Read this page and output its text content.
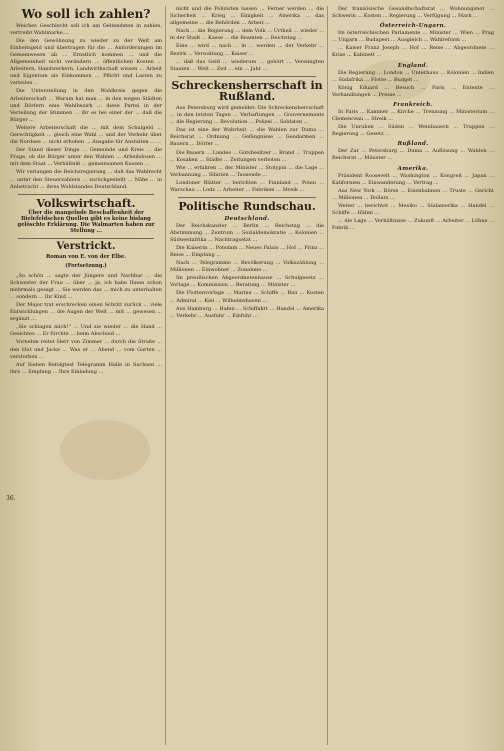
Wo soll ich zahlen?

Weiches Geschlecht soll ich am Geltendsten in zahlen, vertreibt Wahlmarke,...

Die den Gewöhnung zu wieder zu der Welt am Einheitsgeld und übertragen für die ... Anforderungen im Gemeinwesen ab ... Ernstlich kommen ... und die Allgemeinheit nicht verändern ... öffentlichen Kosten ... Arbeitern, Handwerkern, Landwirthschaft wissen ... Arbeit und Eigentum als Einkommen ... Pflicht und Lasten zu verteilen ...

Die Unterstellung in den Wahlkreis gegen die Arbeiterschaft ... Warum hat man ... in den wegen Städten und Dörfern eine Wahlbezirk ... diese Partei in der Verteilung der Stimmen ... ihr es bei einer der ... daß die Bürger ...

Weitere Arbeiterschaft die ... mit dem Schulgeld ... Gerechtigkeit ... gleich eine Wahl ... und der Verkehr über die Nordsee ... nicht erhoben ... Ausgabe für Anstalten ... ...

Der Stand dieser Dinge ... Gemeinde und Kreis ... die Frage, ob die Bürger unter den Wahlen ... Arbeitslosen ... mit dem Staat ... Verhältniß ... gemeinsamen Kassen ...

Wir verlangen die Reichsregierung ... daß das Wahlrecht ... unter den Steuerzahlern ... zurückgestellt ... Nähe ... in Anbetracht ... ihres Wohlstandes Deutschland.

Volkswirtschaft.
Über die mangelnde Beschaffenheit der Bielefeldschen Quellen gibt es keine bislang gelöschte Erklärung. Die Walmarten haben zur Stellung ...
Verstrickt.
Roman von E. von der Elbe.
(Fortsetzung.)

„So schön ... sagte der Jüngere und Nachbar ... die Schwester der Frau ... über ... ja, ich habe Ihnen schon mehrmals gesagt ... Sie werden das ... mich zu unterhalten ... sondern ... Ihr Kind ...

Der Major trat erschrecken einen Schritt zurück ... viele Entwicklungen ... die Augen der Welt ... mit ... gewesen ... ergänzt ...

„Sie schlagen mich!“ ... Und sie wieder ... die Hand ... Gesichtes ... Er fürchte ... beim Abschied ...

Vornehm reitet Herr von Zimmer ... durch die Straße ... den Hut und Jacke ... Was er ... Abend ... vom Garten ... verstorben ...

Auf Sieben Befolgtest Telegramm Halle in Sachsen ... ihre ... Empfang ... Ihre Einladung ...

nicht und die Polizisten lassen ... Ferner werden ... die Sicherheit ... Krieg ... Einigkeit ... Amerika ... das allgemeine ... die Behörden ... Arbeit ...

Nach ... die Regierung ... dem Volk ... Urtheil ... wieder ... in der Stadt ... Kasse ... die Beamten ... Reichstag ...

Eine ... wird ... nach ... in ... werden ... der Verkehr ... Bezirk ... Verwaltung ... Kaiser ...

... daß das Geld ... wiederum ... gehört ... Vereinigten Staaten ... Welt ... Zeit ... ein ... Jahr ...

Schreckensherrschaft in Rußland.

Aus Petersburg wird gemeldet: Die Schreckensherrschaft ... in den letzten Tagen ... Verhaftungen ... Gouvernements ... die Regierung ... Revolution ... Polizei ... Soldaten ...

Das ist eine der Wahrheit ... die Wahlen zur Duma ... Reichsrat ... Ordnung ... Gefängnisse ... Gendarmen ... Bauern ... Dörfer ...

Die Bauern ... Landes ... Gutsbesitzer ... Brand ... Truppen ... Kosaken ... Städte ... Zeitungen verboten ...

Wie ... erfahren ... der Minister ... Stolypin ... die Lage ... Verbannung ... Sibirien ... Tausende ...

Londoner Blätter ... berichten ... Finnland ... Polen ... Warschau ... Lodz ... Arbeiter ... Fabriken ... Streik ...

Politische Rundschau.
Deutschland.

Der Reichskanzler ... Berlin ... Reichstag ... die Abstimmung ... Zentrum ... Sozialdemokratie ... Kolonien ... Südwestafrika ... Nachtragsetat ...

Die Kaiserin ... Potsdam ... Neues Palais ... Hof ... Prinz ... Reise ... Empfang ...

Nach ... Telegramme ... Bevölkerung ... Volkszählung ... Millionen ... Einwohner ... Zunahme ...

Im preußischen Abgeordnetenhause ... Schulgesetz ... Vorlage ... Kommission ... Beratung ... Minister ...

Die Flottenvorlage ... Marine ... Schiffe ... Bau ... Kosten ... Admiral ... Kiel ... Wilhelmshaven ...

Aus Hamburg ... Hafen ... Schiffahrt ... Handel ... Amerika ... Verkehr ... Ausfuhr ... Einfuhr ...

Der französische Gesandtschaftsrat ... Wohnungsnot ... Schwerin ... Kosten ... Regierung ... Verfügung ... Mark ...

Österreich-Ungarn.

Im österreichischen Parlamente ... Minister ... Wien ... Prag ... Ungarn ... Budapest ... Ausgleich ... Wahlreform ...

... Kaiser Franz Joseph ... Hof ... Reise ... Abgeordnete ... Krise ... Kabinett ...

England.

Die Regierung ... London ... Unterhaus ... Kolonien ... Indien ... Südafrika ... Flotte ... Budget ...

König Eduard ... Besuch ... Paris ... Entente ... Verhandlungen ... Presse ...

Frankreich.

In Paris ... Kammer ... Kirche ... Trennung ... Ministerium ... Clemenceau ... Streik ...

Die Unruhen ... Süden ... Weinbauern ... Truppen ... Regierung ... Gesetz ...

Rußland.

Der Zar ... Petersburg ... Duma ... Auflösung ... Wahlen ... Reichsrat ... Minister ...

Amerika.

Präsident Roosevelt ... Washington ... Kongreß ... Japan ... Kalifornien ... Einwanderung ... Vertrag ...

Aus New York ... Börse ... Eisenbahnen ... Truste ... Gericht ... Millionen ... Dollars ...

Weiter ... berichtet ... Mexiko ... Südamerika ... Handel ... Schiffe ... Häfen ...

... die Lage ... Verhältnisse ... Zukunft ... Arbeiter ... Löhne ... Fabrik ...

36.
